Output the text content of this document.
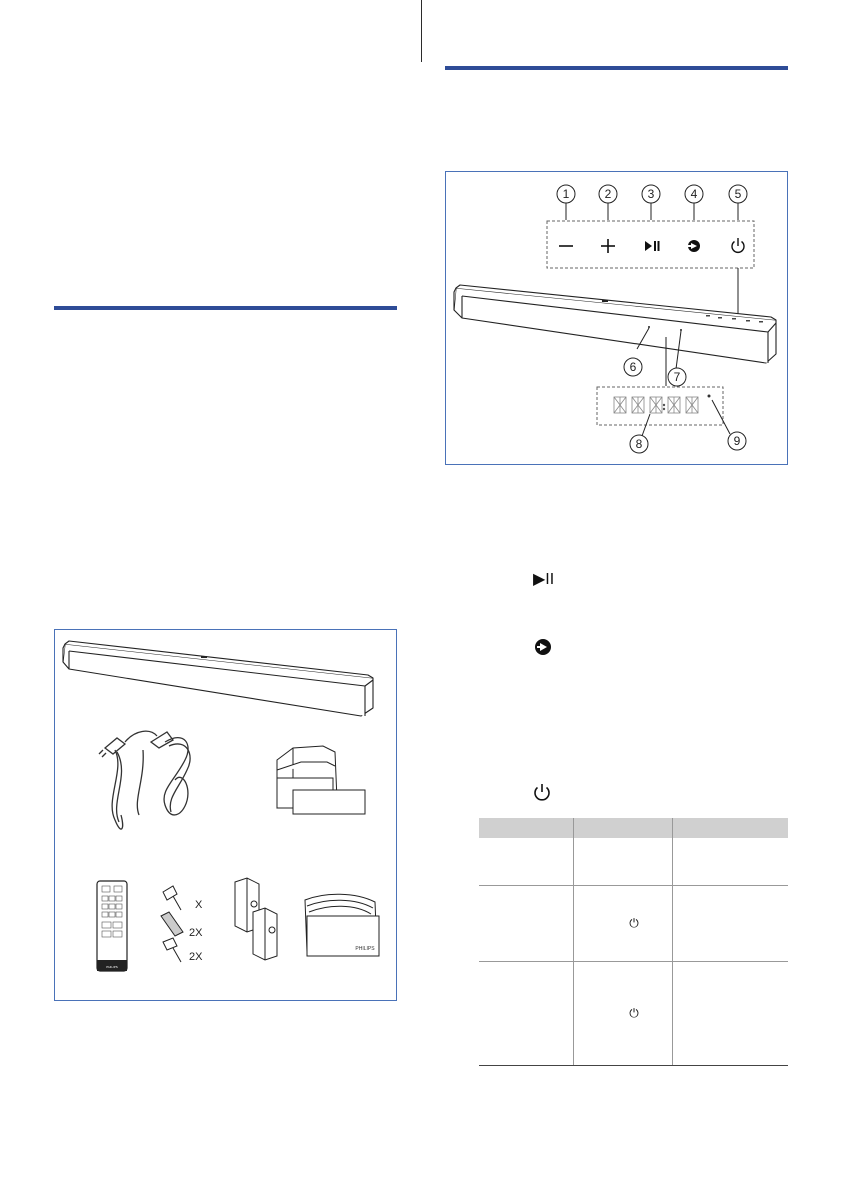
1	2	3	4	5
6
7
8	9
▶II

	⏻	
	⏻	
PHILIPS
X
2X
2X
PHILIPS
